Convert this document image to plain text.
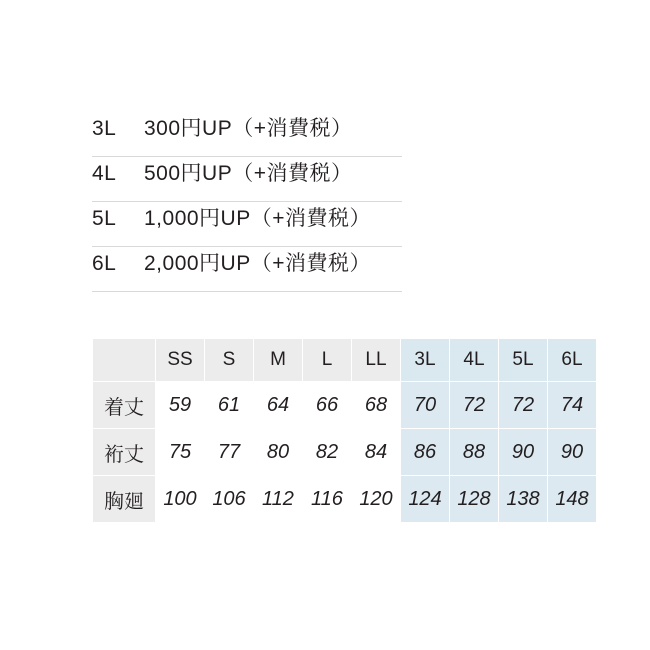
3L	300円UP（+消費税）
4L	500円UP（+消費税）
5L	1,000円UP（+消費税）
6L	2,000円UP（+消費税）
	SS	S	M	L	LL	3L	4L	5L	6L
着丈	59	61	64	66	68	70	72	72	74
裄丈	75	77	80	82	84	86	88	90	90
胸廻	100	106	112	116	120	124	128	138	148
